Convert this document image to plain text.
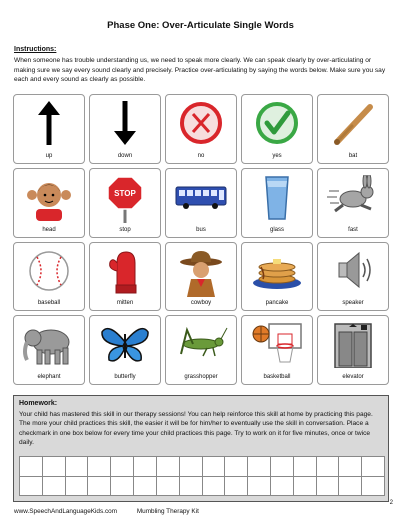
Phase One: Over-Articulate Single Words
Instructions:
When someone has trouble understanding us, we need to speak more clearly. We can speak clearly by over-articulating or making sure we say every sound clearly and precisely. Practice over-articulating by saying the words below. Make sure you say each and every sound as clearly as possible.
up	down	no	yes	bat
head
STOP
stop	bus	glass	fast
baseball	mitten	cowboy	pancake	speaker
elephant	butterfly	grasshopper	basketball	elevator
Homework:
Your child has mastered this skill in our therapy sessions! You can help reinforce this skill at home by practicing this page. The more your child practices this skill, the easier it will be for him/her to eventually use the skill in conversation. Place a checkmark in one box below for every time your child practices this page. Try to work on it for five minutes, once or twice daily.
www.SpeechAndLanguageKids.com	Mumbling Therapy Kit
2
